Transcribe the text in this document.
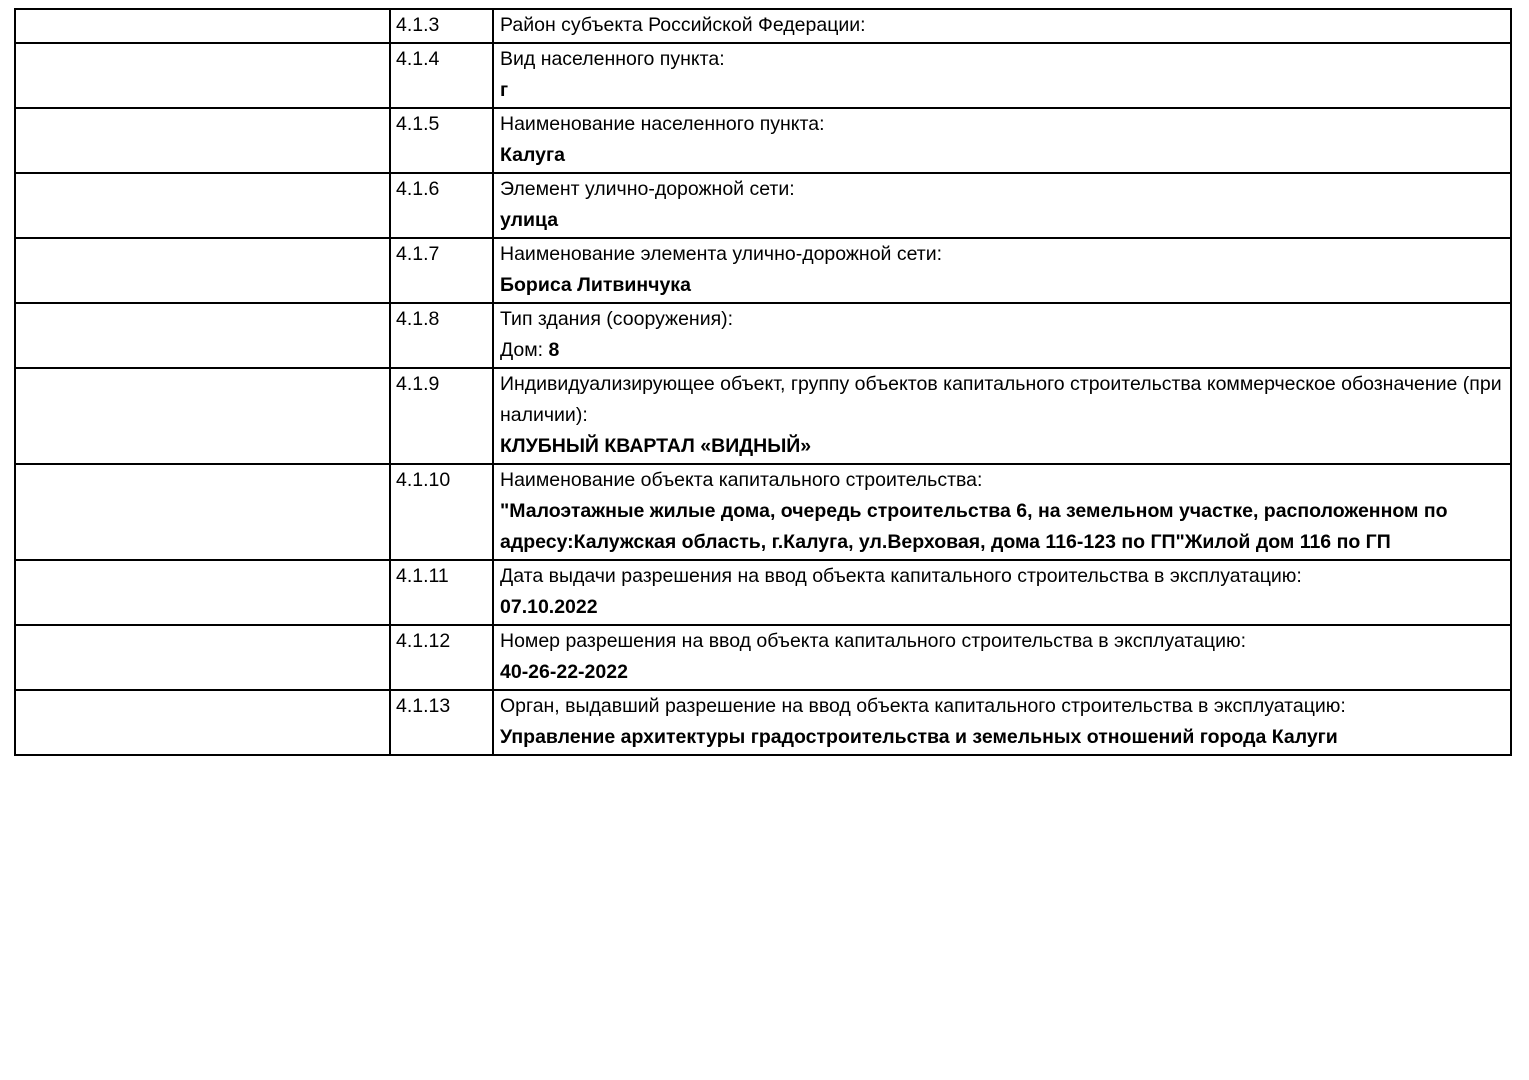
	4.1.3	Район субъекта Российской Федерации:

	4.1.4	Вид населенного пункта:
г

	4.1.5	Наименование населенного пункта:
Калуга

	4.1.6	Элемент улично-дорожной сети:
улица

	4.1.7	Наименование элемента улично-дорожной сети:
Бориса Литвинчука

	4.1.8	Тип здания (сооружения):
Дом: 8

	4.1.9	Индивидуализирующее объект, группу объектов капитального строительства коммерческое обозначение (при наличии):
КЛУБНЫЙ КВАРТАЛ «ВИДНЫЙ»

	4.1.10	Наименование объекта капитального строительства:
"Малоэтажные жилые дома, очередь строительства 6, на земельном участке, расположенном по адресу:Калужская область, г.Калуга, ул.Верховая, дома 116-123 по ГП"Жилой дом 116 по ГП

	4.1.11	Дата выдачи разрешения на ввод объекта капитального строительства в эксплуатацию:
07.10.2022

	4.1.12	Номер разрешения на ввод объекта капитального строительства в эксплуатацию:
40-26-22-2022

	4.1.13	Орган, выдавший разрешение на ввод объекта капитального строительства в эксплуатацию:
Управление архитектуры градостроительства и земельных отношений города Калуги
